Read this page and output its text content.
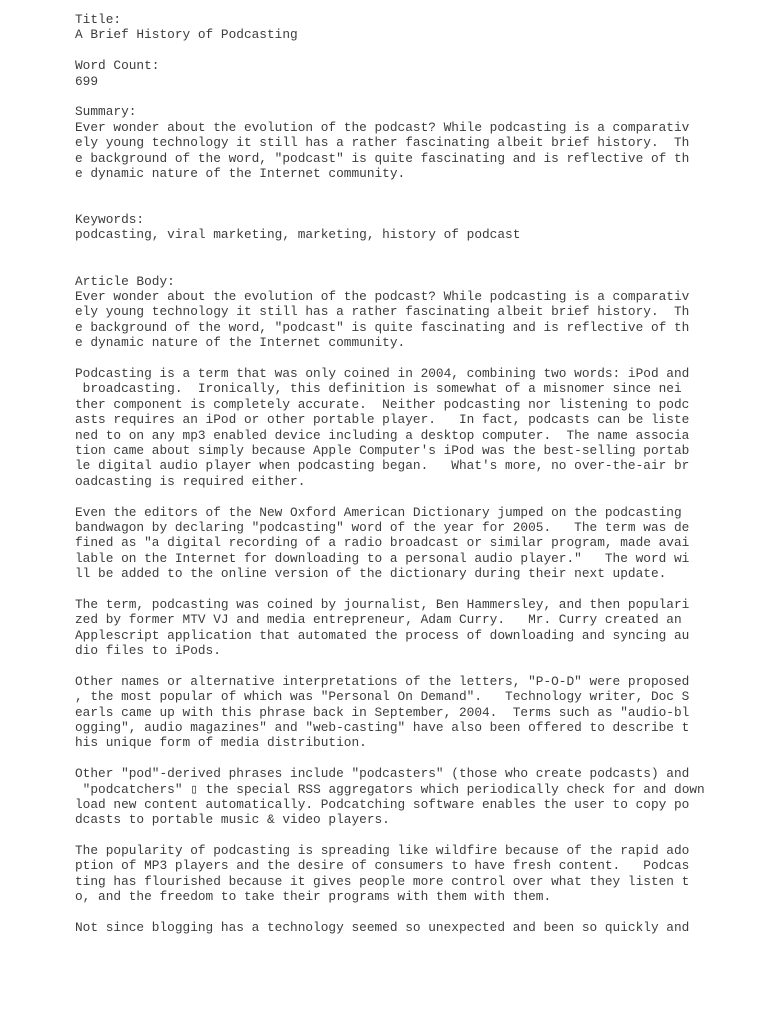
Title:
A Brief History of Podcasting
Word Count:
699
Summary:
Ever wonder about the evolution of the podcast? While podcasting is a comparativ
ely young technology it still has a rather fascinating albeit brief history.  Th
e background of the word, "podcast" is quite fascinating and is reflective of th
e dynamic nature of the Internet community.
Keywords:
podcasting, viral marketing, marketing, history of podcast
Article Body:
Ever wonder about the evolution of the podcast? While podcasting is a comparativ
ely young technology it still has a rather fascinating albeit brief history.  Th
e background of the word, "podcast" is quite fascinating and is reflective of th
e dynamic nature of the Internet community.
Podcasting is a term that was only coined in 2004, combining two words: iPod and
broadcasting.  Ironically, this definition is somewhat of a misnomer since nei
ther component is completely accurate.  Neither podcasting nor listening to podc
asts requires an iPod or other portable player.   In fact, podcasts can be liste
ned to on any mp3 enabled device including a desktop computer.  The name associa
tion came about simply because Apple Computer's iPod was the best-selling portab
le digital audio player when podcasting began.   What's more, no over-the-air br
oadcasting is required either.
Even the editors of the New Oxford American Dictionary jumped on the podcasting
bandwagon by declaring "podcasting" word of the year for 2005.   The term was de
fined as "a digital recording of a radio broadcast or similar program, made avai
lable on the Internet for downloading to a personal audio player."   The word wi
ll be added to the online version of the dictionary during their next update.
The term, podcasting was coined by journalist, Ben Hammersley, and then populari
zed by former MTV VJ and media entrepreneur, Adam Curry.   Mr. Curry created an
Applescript application that automated the process of downloading and syncing au
dio files to iPods.
Other names or alternative interpretations of the letters, "P-O-D" were proposed
, the most popular of which was "Personal On Demand".   Technology writer, Doc S
earls came up with this phrase back in September, 2004.  Terms such as "audio-bl
ogging", audio magazines" and "web-casting" have also been offered to describe t
his unique form of media distribution.
Other "pod"-derived phrases include "podcasters" (those who create podcasts) and
"podcatchers" ▯ the special RSS aggregators which periodically check for and down
load new content automatically. Podcatching software enables the user to copy po
dcasts to portable music & video players.
The popularity of podcasting is spreading like wildfire because of the rapid ado
ption of MP3 players and the desire of consumers to have fresh content.   Podcas
ting has flourished because it gives people more control over what they listen t
o, and the freedom to take their programs with them with them.
Not since blogging has a technology seemed so unexpected and been so quickly and
